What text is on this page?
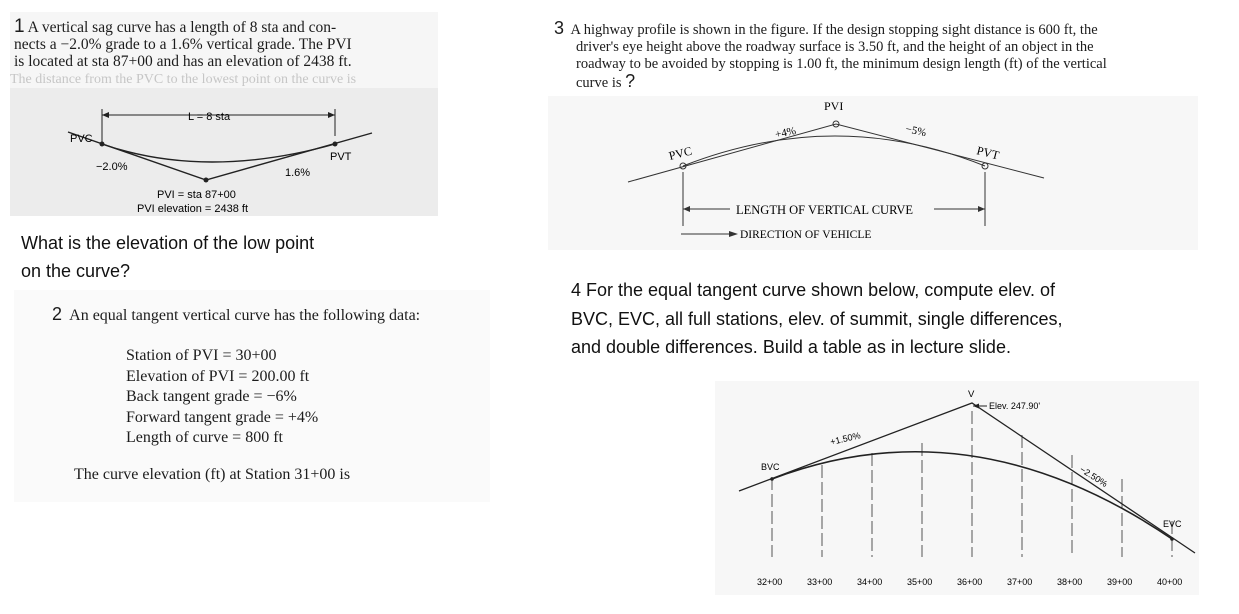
1 A vertical sag curve has a length of 8 sta and con-
nects a −2.0% grade to a 1.6% vertical grade. The PVI
is located at sta 87+00 and has an elevation of 2438 ft.
The distance from the PVC to the lowest point on the curve is
L = 8 sta
PVC
PVT
−2.0%	1.6%
PVI = sta 87+00
PVI elevation = 2438 ft
What is the elevation of the low point
on the curve?
2 An equal tangent vertical curve has the following data:
Station of PVI = 30+00
Elevation of PVI = 200.00 ft
Back tangent grade = −6%
Forward tangent grade = +4%
Length of curve = 800 ft
The curve elevation (ft) at Station 31+00 is
3 A highway profile is shown in the figure. If the design stopping sight distance is 600 ft, the
driver's eye height above the roadway surface is 3.50 ft, and the height of an object in the
roadway to be avoided by stopping is 1.00 ft, the minimum design length (ft) of the vertical
curve is ?
PVI
+4%	−5%
PVC	PVT
LENGTH OF VERTICAL CURVE
DIRECTION OF VEHICLE
4 For the equal tangent curve shown below, compute elev. of
BVC, EVC, all full stations, elev. of summit, single differences,
and double differences. Build a table as in lecture slide.
V
Elev. 247.90'
+1.50%
−2.50%
BVC
EVC
32+00	33+00	34+00	35+00	36+00	37+00	38+00	39+00	40+00
